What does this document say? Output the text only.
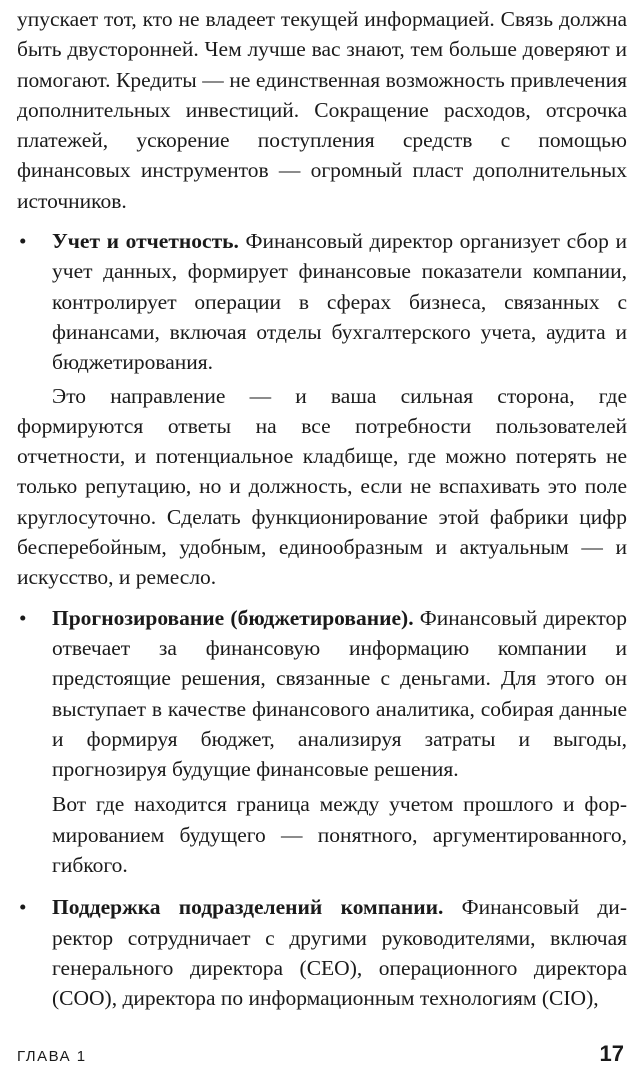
упускает тот, кто не владеет текущей информацией. Связь должна быть двусторонней. Чем лучше вас знают, тем больше доверяют и помогают. Кредиты — не единственная возможность привлечения дополнительных инвестиций. Сокращение расходов, отсрочка платежей, ускорение поступления средств с помощью финансовых инструментов — огромный пласт дополнительных источников.

• Учет и отчетность. Финансовый директор организует сбор и учет данных, формирует финансовые показатели компании, контролирует операции в сферах бизнеса, связанных с финансами, включая отделы бухгалтерского учета, аудита и бюджетирования.

Это направление — и ваша сильная сторона, где формируются ответы на все потребности пользователей отчетности, и потенциальное кладбище, где можно потерять не только репутацию, но и должность, если не вспахивать это поле круглосуточно. Сделать функционирование этой фабрики цифр бесперебойным, удобным, единообразным и актуальным — и искусство, и ремесло.

• Прогнозирование (бюджетирование). Финансовый директор отвечает за финансовую информацию компании и предстоящие решения, связанные с деньгами. Для этого он выступает в качестве финансового аналитика, собирая данные и формируя бюджет, анализируя затраты и выгоды, прогнозируя будущие финансовые решения.

Вот где находится граница между учетом прошлого и формированием будущего — понятного, аргументированного, гибкого.

• Поддержка подразделений компании. Финансовый директор сотрудничает с другими руководителями, включая генерального директора (CEO), операционного директора (COO), директора по информационным технологиям (CIO),

ГЛАВА 1	17
